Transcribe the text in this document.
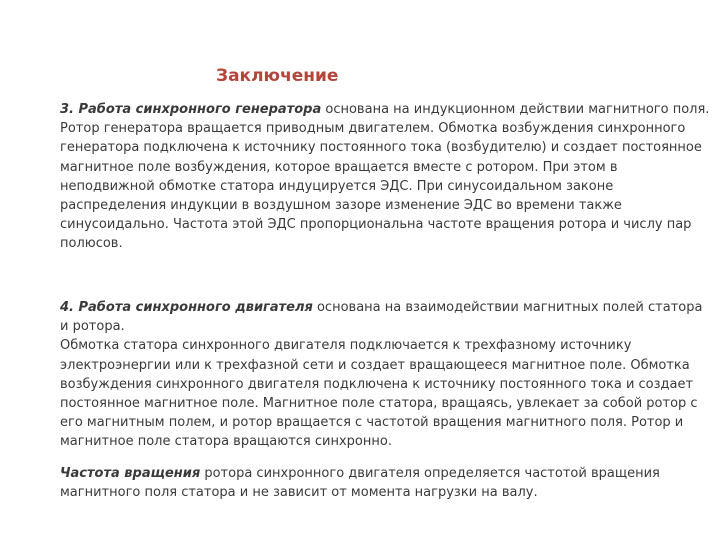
Заключение

3. Работа синхронного генератора основана на индукционном действии магнитного поля.

Ротор генератора вращается приводным двигателем. Обмотка возбуждения синхронного

генератора подключена к источнику постоянного тока (возбудителю) и создает постоянное

магнитное поле возбуждения, которое вращается вместе с ротором. При этом в

неподвижной обмотке статора индуцируется ЭДС. При синусоидальном законе

распределения индукции в воздушном зазоре изменение ЭДС во времени также

синусоидально. Частота этой ЭДС пропорциональна частоте вращения ротора и числу пар

полюсов.

4. Работа синхронного двигателя основана на взаимодействии магнитных полей статора

и ротора.

Обмотка статора синхронного двигателя подключается к трехфазному источнику

электроэнергии или к трехфазной сети и создает вращающееся магнитное поле. Обмотка

возбуждения синхронного двигателя подключена к источнику постоянного тока и создает

постоянное магнитное поле. Магнитное поле статора, вращаясь, увлекает за собой ротор с

его магнитным полем, и ротор вращается с частотой вращения магнитного поля. Ротор и

магнитное поле статора вращаются синхронно.

Частота вращения ротора синхронного двигателя определяется частотой вращения

магнитного поля статора и не зависит от момента нагрузки на валу.
